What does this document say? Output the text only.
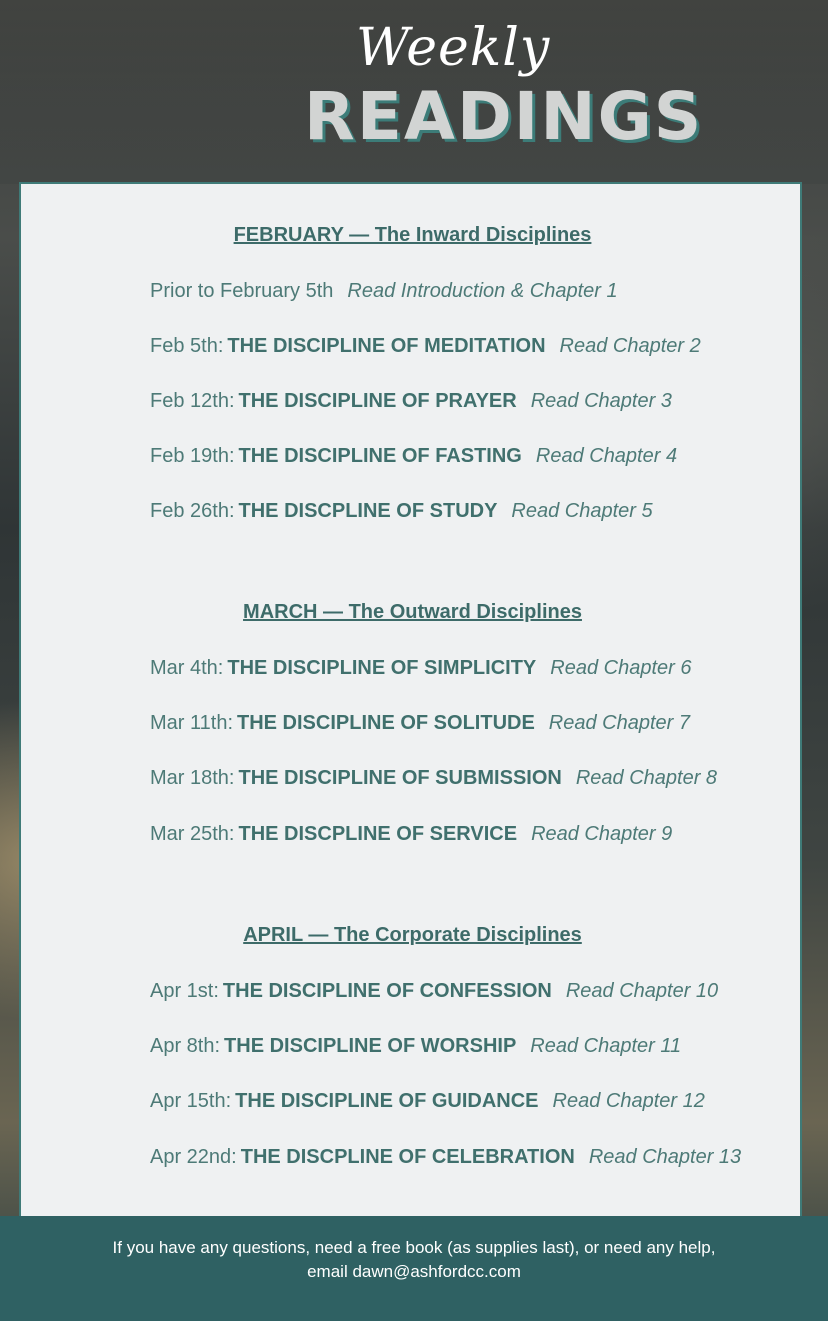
Weekly
READINGS
FEBRUARY — The Inward Disciplines
Prior to February 5th Read Introduction & Chapter 1
Feb 5th: THE DISCIPLINE OF MEDITATION Read Chapter 2
Feb 12th: THE DISCIPLINE OF PRAYER Read Chapter 3
Feb 19th: THE DISCIPLINE OF FASTING Read Chapter 4
Feb 26th: THE DISCPLINE OF STUDY Read Chapter 5
MARCH — The Outward Disciplines
Mar 4th: THE DISCIPLINE OF SIMPLICITY Read Chapter 6
Mar 11th: THE DISCIPLINE OF SOLITUDE Read Chapter 7
Mar 18th: THE DISCIPLINE OF SUBMISSION Read Chapter 8
Mar 25th: THE DISCPLINE OF SERVICE Read Chapter 9
APRIL — The Corporate Disciplines
Apr 1st: THE DISCIPLINE OF CONFESSION Read Chapter 10
Apr 8th: THE DISCIPLINE OF WORSHIP Read Chapter 11
Apr 15th: THE DISCIPLINE OF GUIDANCE Read Chapter 12
Apr 22nd: THE DISCPLINE OF CELEBRATION Read Chapter 13
If you have any questions, need a free book (as supplies last), or need any help,
email dawn@ashfordcc.com
